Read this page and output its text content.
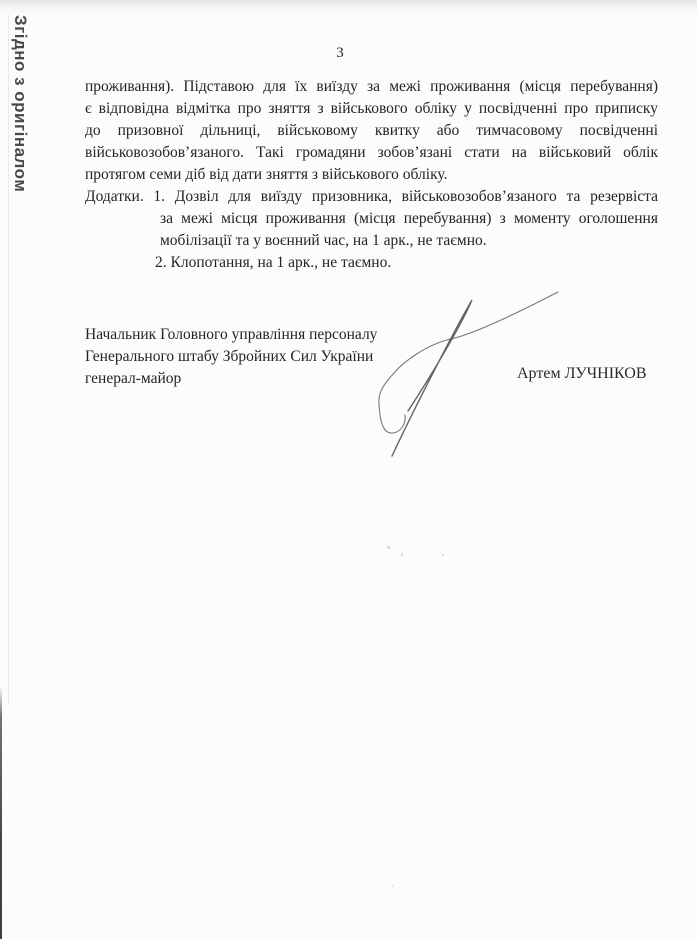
Згідно з оригіналом	3
проживання). Підставою для їх виїзду за межі проживання (місця перебування)
є відповідна відмітка про зняття з військового обліку у посвідченні про приписку
до призовної дільниці, військовому квитку або тимчасовому посвідченні
військовозобов’язаного. Такі громадяни зобов’язані стати на військовий облік
протягом семи діб від дати зняття з військового обліку.
Додатки. 1. Дозвіл для виїзду призовника, військовозобов’язаного та резервіста
за межі місця проживання (місця перебування) з моменту оголошення
мобілізації та у воєнний час, на 1 арк., не таємно.
2. Клопотання, на 1 арк., не таємно.
Начальник Головного управління персоналу
Генерального штабу Збройних Сил України
генерал-майор	Артем ЛУЧНІКОВ
